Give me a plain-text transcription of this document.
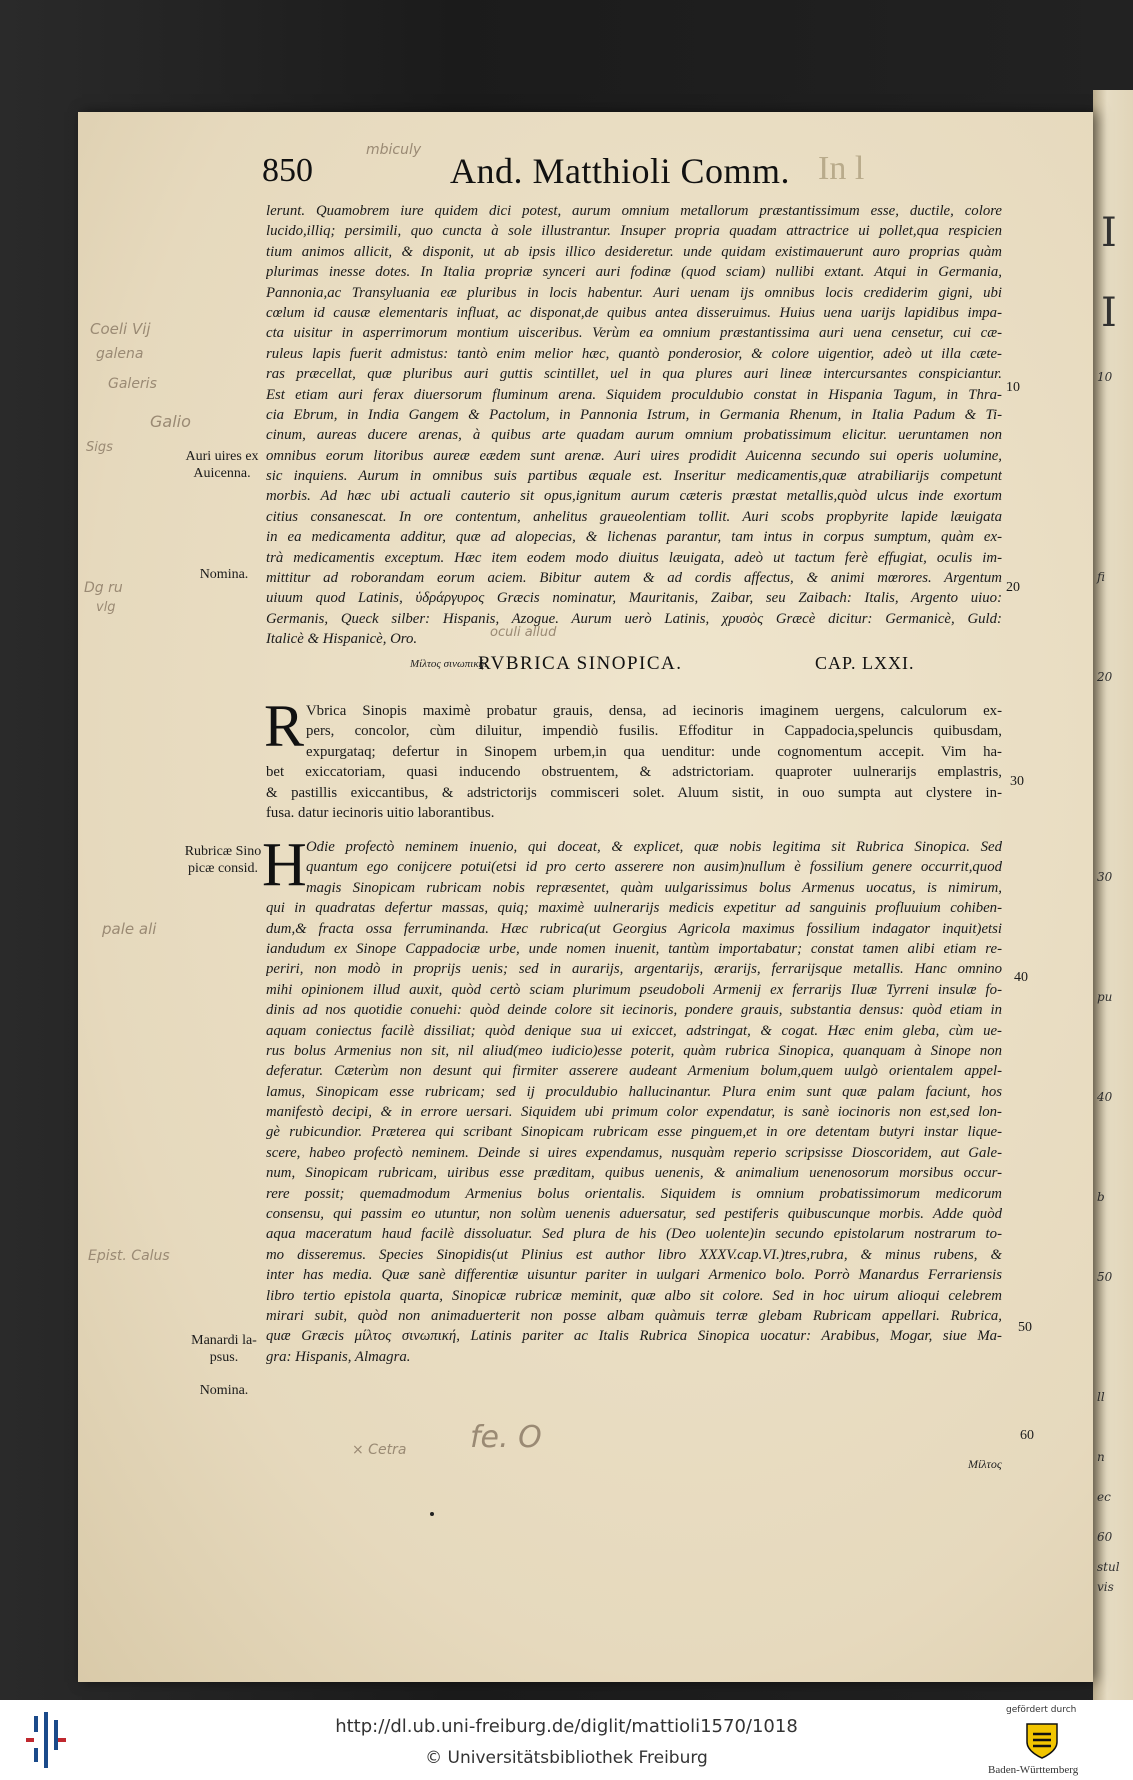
I
I
10
fi
20
30
pu
40
b
50
ll
n
ec
60
stul
vis
850
mbiculy
And. Matthioli Comm. In l
Coeli Vij
galena
Galeris
Galio
Sigs
Dg ru
vlg
pale ali
Epist. Calus
oculi allud
× Cetra fe. O
lerunt. Quamobrem iure quidem dici potest, aurum omnium metallorum præstantissimum esse, ductile, colore
lucido,illiq; persimili, quo cuncta à sole illustrantur. Insuper propria quadam attractrice ui pollet,qua respicien
tium animos allicit, & disponit, ut ab ipsis illico desideretur. unde quidam existimauerunt auro proprias quàm
plurimas inesse dotes. In Italia propriæ synceri auri fodinæ (quod sciam) nullibi extant. Atqui in Germania,
Pannonia,ac Transyluania eæ pluribus in locis habentur. Auri uenam ijs omnibus locis crediderim gigni, ubi
cœlum id causæ elementaris influat, ac disponat,de quibus antea disseruimus. Huius uena uarijs lapidibus impa-
cta uisitur in asperrimorum montium uisceribus. Verùm ea omnium præstantissima auri uena censetur, cui cæ-
ruleus lapis fuerit admistus: tantò enim melior hæc, quantò ponderosior, & colore uigentior, adeò ut illa cæte-
ras præcellat, quæ pluribus auri guttis scintillet, uel in qua plures auri lineæ intercursantes conspiciantur.
Est etiam auri ferax diuersorum fluminum arena. Siquidem proculdubio constat in Hispania Tagum, in Thra-
cia Ebrum, in India Gangem & Pactolum, in Pannonia Istrum, in Germania Rhenum, in Italia Padum & Ti-
cinum, aureas ducere arenas, à quibus arte quadam aurum omnium probatissimum elicitur. ueruntamen non
omnibus eorum litoribus aureæ eædem sunt arenæ. Auri uires prodidit Auicenna secundo sui operis uolumine,
sic inquiens. Aurum in omnibus suis partibus æquale est. Inseritur medicamentis,quæ atrabiliarijs competunt
morbis. Ad hæc ubi actuali cauterio sit opus,ignitum aurum cæteris præstat metallis,quòd ulcus inde exortum
citius consanescat. In ore contentum, anhelitus graueolentiam tollit. Auri scobs propbyrite lapide læuigata
in ea medicamenta additur, quæ ad alopecias, & lichenas parantur, tam intus in corpus sumptum, quàm ex-
trà medicamentis exceptum. Hæc item eodem modo diuitus læuigata, adeò ut tactum ferè effugiat, oculis im-
mittitur ad roborandam eorum aciem. Bibitur autem & ad cordis affectus, & animi mœrores. Argentum
uiuum quod Latinis, ὑδράργυρος Græcis nominatur, Mauritanis, Zaibar, seu Zaibach: Italis, Argento uiuo:
Germanis, Queck silber: Hispanis, Azogue. Aurum uerò Latinis, χρυσὸς Græcè dicitur: Germanicè, Guld:
Italicè & Hispanicè, Oro.
Auri uires ex Auicenna.
Nomina.
Rubricæ Sino picæ consid.
Manardi la- psus.
Nomina.
10
20
30
40
50
60
Μίλτος σινωπική.
RVBRICA SINOPICA.	CAP. LXXI.
R Vbrica Sinopis maximè probatur grauis, densa, ad iecinoris imaginem uergens, calculorum ex-
pers, concolor, cùm diluitur, impendiò fusilis. Effoditur in Cappadocia,speluncis quibusdam,
expurgataq; defertur in Sinopem urbem,in qua uenditur: unde cognomentum accepit. Vim ha-
bet exiccatoriam, quasi inducendo obstruentem, & adstrictoriam. quaproter uulnerarijs emplastris,
& pastillis exiccantibus, & adstrictorijs commisceri solet. Aluum sistit, in ouo sumpta aut clystere in-
fusa. datur iecinoris uitio laborantibus.
H Odie profectò neminem inuenio, qui doceat, & explicet, quæ nobis legitima sit Rubrica Sinopica. Sed
quantum ego conijcere potui(etsi id pro certo asserere non ausim)nullum è fossilium genere occurrit,quod
magis Sinopicam rubricam nobis repræsentet, quàm uulgarissimus bolus Armenus uocatus, is nimirum,
qui in quadratas defertur massas, quiq; maximè uulnerarijs medicis expetitur ad sanguinis profluuium cohiben-
dum,& fracta ossa ferruminanda. Hæc rubrica(ut Georgius Agricola maximus fossilium indagator inquit)etsi
iandudum ex Sinope Cappadociæ urbe, unde nomen inuenit, tantùm importabatur; constat tamen alibi etiam re-
periri, non modò in proprijs uenis; sed in aurarijs, argentarijs, ærarijs, ferrarijsque metallis. Hanc omnino
mihi opinionem illud auxit, quòd certò sciam plurimum pseudoboli Armenij ex ferrarijs Iluæ Tyrreni insulæ fo-
dinis ad nos quotidie conuehi: quòd deinde colore sit iecinoris, pondere grauis, substantia densus: quòd etiam in
aquam coniectus facilè dissiliat; quòd denique sua ui exiccet, adstringat, & cogat. Hæc enim gleba, cùm ue-
rus bolus Armenius non sit, nil aliud(meo iudicio)esse poterit, quàm rubrica Sinopica, quanquam à Sinope non
deferatur. Cæterùm non desunt qui firmiter asserere audeant Armenium bolum,quem uulgò orientalem appel-
lamus, Sinopicam esse rubricam; sed ij proculdubio hallucinantur. Plura enim sunt quæ palam faciunt, hos
manifestò decipi, & in errore uersari. Siquidem ubi primum color expendatur, is sanè iocinoris non est,sed lon-
gè rubicundior. Præterea qui scribant Sinopicam rubricam esse pinguem,et in ore detentam butyri instar lique-
scere, habeo profectò neminem. Deinde si uires expendamus, nusquàm reperio scripsisse Dioscoridem, aut Gale-
num, Sinopicam rubricam, uiribus esse præditam, quibus uenenis, & animalium uenenosorum morsibus occur-
rere possit; quemadmodum Armenius bolus orientalis. Siquidem is omnium probatissimorum medicorum
consensu, qui passim eo utuntur, non solùm uenenis aduersatur, sed pestiferis quibuscunque morbis. Adde quòd
aqua maceratum haud facilè dissoluatur. Sed plura de his (Deo uolente)in secundo epistolarum nostrarum to-
mo disseremus. Species Sinopidis(ut Plinius est author libro XXXV.cap.VI.)tres,rubra, & minus rubens, &
inter has media. Quæ sanè differentiæ uisuntur pariter in uulgari Armenico bolo. Porrò Manardus Ferrariensis
libro tertio epistola quarta, Sinopicæ rubricæ meminit, quæ albo sit colore. Sed in hoc uirum alioqui celebrem
mirari subit, quòd non animaduerterit non posse albam quàmuis terræ glebam Rubricam appellari. Rubrica,
quæ Græcis μίλτος σινωπική, Latinis pariter ac Italis Rubrica Sinopica uocatur: Arabibus, Mogar, siue Ma-
gra: Hispanis, Almagra.
Μίλτος
http://dl.ub.uni-freiburg.de/diglit/mattioli1570/1018
© Universitätsbibliothek Freiburg
gefördert durch
Baden-Württemberg
